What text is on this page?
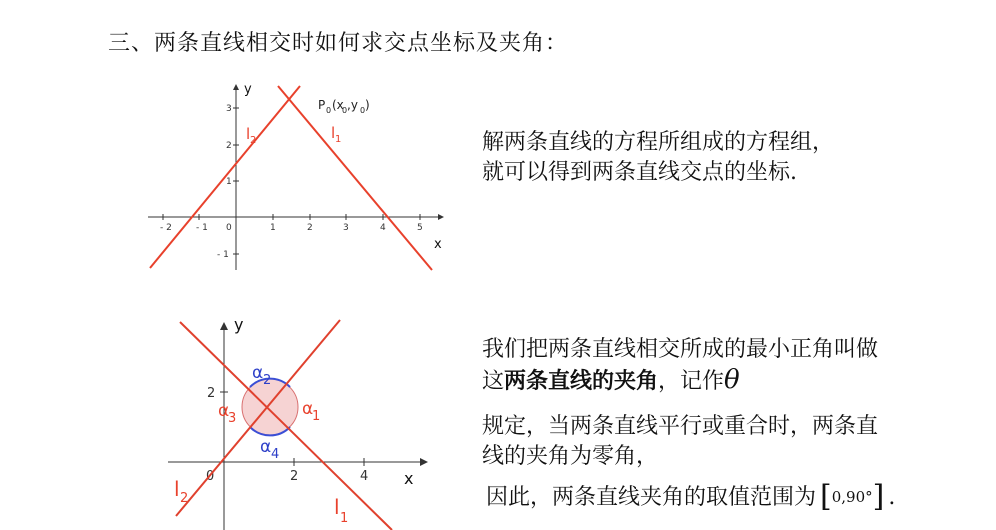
三、两条直线相交时如何求交点坐标及夹角：
y
x
- 2	- 1 0	1	2	3	4	5
3
2
1
- 1
l 2	l 1
P 0 (x
0 ,y 0 )
y
x
0	2	4
2
l 2	l 1
α 2
α 4
α
3	α
1
解两条直线的方程所组成的方程组，
就可以得到两条直线交点的坐标.
我们把两条直线相交所成的最小正角叫做
这两条直线的夹角，记作θ
规定，当两条直线平行或重合时，两条直
线的夹角为零角，
因此，两条直线夹角的取值范围为 [0,90°] .
